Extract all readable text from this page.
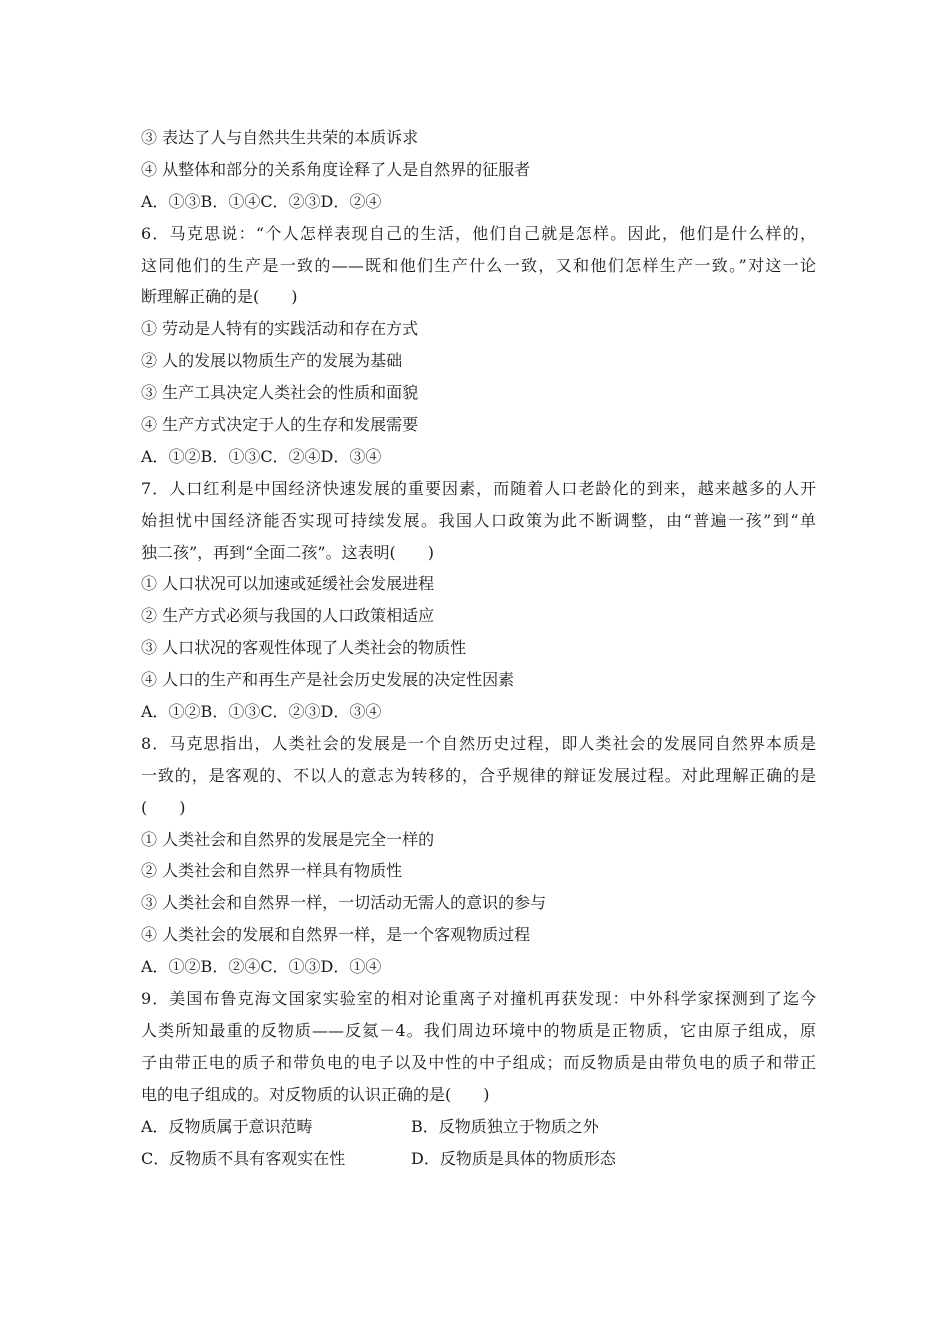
③ 表达了人与自然共生共荣的本质诉求
④ 从整体和部分的关系角度诠释了人是自然界的征服者
A．①③B．①④C．②③D．②④
6．马克思说：“个人怎样表现自己的生活，他们自己就是怎样。因此，他们是什么样的，
这同他们的生产是一致的——既和他们生产什么一致，又和他们怎样生产一致。”对这一论
断理解正确的是(　　)
① 劳动是人特有的实践活动和存在方式
② 人的发展以物质生产的发展为基础
③ 生产工具决定人类社会的性质和面貌
④ 生产方式决定于人的生存和发展需要
A．①②B．①③C．②④D．③④
7．人口红利是中国经济快速发展的重要因素，而随着人口老龄化的到来，越来越多的人开
始担忧中国经济能否实现可持续发展。我国人口政策为此不断调整，由“普遍一孩”到“单
独二孩”，再到“全面二孩”。这表明(　　)
① 人口状况可以加速或延缓社会发展进程
② 生产方式必须与我国的人口政策相适应
③ 人口状况的客观性体现了人类社会的物质性
④ 人口的生产和再生产是社会历史发展的决定性因素
A．①②B．①③C．②③D．③④
8．马克思指出，人类社会的发展是一个自然历史过程，即人类社会的发展同自然界本质是
一致的，是客观的、不以人的意志为转移的，合乎规律的辩证发展过程。对此理解正确的是
(　　)
① 人类社会和自然界的发展是完全一样的
② 人类社会和自然界一样具有物质性
③ 人类社会和自然界一样，一切活动无需人的意识的参与
④ 人类社会的发展和自然界一样，是一个客观物质过程
A．①②B．②④C．①③D．①④
9．美国布鲁克海文国家实验室的相对论重离子对撞机再获发现：中外科学家探测到了迄今
人类所知最重的反物质——反氦－4。我们周边环境中的物质是正物质，它由原子组成，原
子由带正电的质子和带负电的电子以及中性的中子组成；而反物质是由带负电的质子和带正
电的电子组成的。对反物质的认识正确的是(　　)
A．反物质属于意识范畴	B．反物质独立于物质之外
C．反物质不具有客观实在性	D．反物质是具体的物质形态
